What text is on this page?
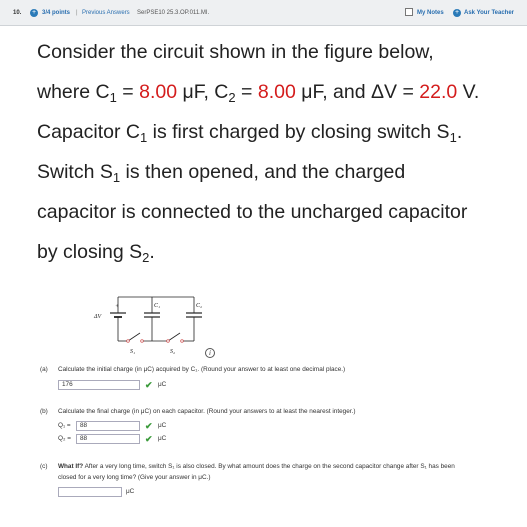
10. + 3/4 points | Previous Answers SerPSE10 25.3.OP.011.MI.	My Notes + Ask Your Teacher
Consider the circuit shown in the figure below,
where $C_1 = 8.00$ μF, $C_2 = 8.00$ μF, and ΔV = 22.0 V.
Capacitor $C_1$ is first charged by closing switch $S_1$.
Switch $S_1$ is then opened, and the charged
capacitor is connected to the uncharged capacitor
by closing $S_2$.
+
ΔV
C₁	C₂
S₁	S₂	i
(a) Calculate the initial charge (in μC) acquired by C₁. (Round your answer to at least one decimal place.)
176	✔ μC
(b) Calculate the final charge (in μC) on each capacitor. (Round your answers to at least the nearest integer.)
Q₁ =	88	✔ μC
Q₂ =	88	✔ μC
(c) What If? After a very long time, switch S₁ is also closed. By what amount does the charge on the second capacitor change after S₁ has been
closed for a very long time? (Give your answer in μC.)
μC
